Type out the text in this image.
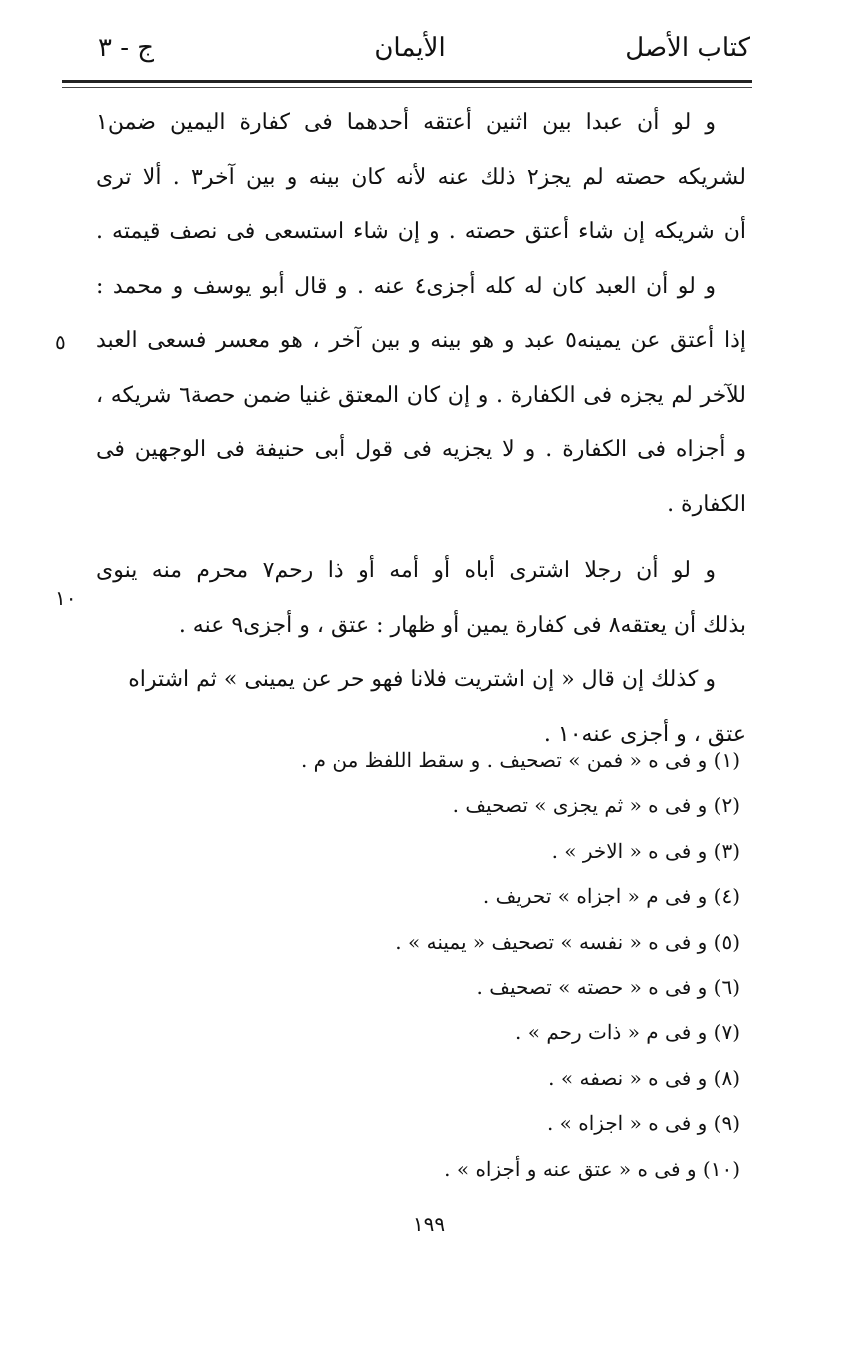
كتاب الأصل
الأيمان
ج - ٣
و لو أن عبدا بين اثنين أعتقه أحدهما فى كفارة اليمين ضمن١
لشريكه حصته لم يجز٢ ذلك عنه لأنه كان بينه و بين آخر٣ . ألا ترى
أن شريكه إن شاء أعتق حصته . و إن شاء استسعى فى نصف قيمته .
و لو أن العبد كان له كله أجزى٤ عنه . و قال أبو يوسف و محمد :
إذا أعتق عن يمينه٥ عبد و هو بينه و بين آخر ، هو معسر فسعى العبد
للآخر لم يجزه فى الكفارة . و إن كان المعتق غنيا ضمن حصة٦ شريكه ،
و أجزاه فى الكفارة . و لا يجزيه فى قول أبى حنيفة فى الوجهين فى
الكفارة .
و لو أن رجلا اشترى أباه أو أمه أو ذا رحم٧ محرم منه ينوى
بذلك أن يعتقه٨ فى كفارة يمين أو ظهار : عتق ، و أجزى٩ عنه .
و كذلك إن قال « إن اشتريت فلانا فهو حر عن يمينى » ثم اشتراه
عتق ، و أجزى عنه١٠ .
٥
١٠
(١) و فى ه « فمن » تصحيف . و سقط اللفظ من م .
(٢) و فى ه « ثم يجزى » تصحيف .
(٣) و فى ه « الاخر » .
(٤) و فى م « اجزاه » تحريف .
(٥) و فى ه « نفسه » تصحيف « يمينه » .
(٦) و فى ه « حصته » تصحيف .
(٧) و فى م « ذات رحم » .
(٨) و فى ه « نصفه » .
(٩) و فى ه « اجزاه » .
(١٠) و فى ه « عتق عنه و أجزاه » .
١٩٩
